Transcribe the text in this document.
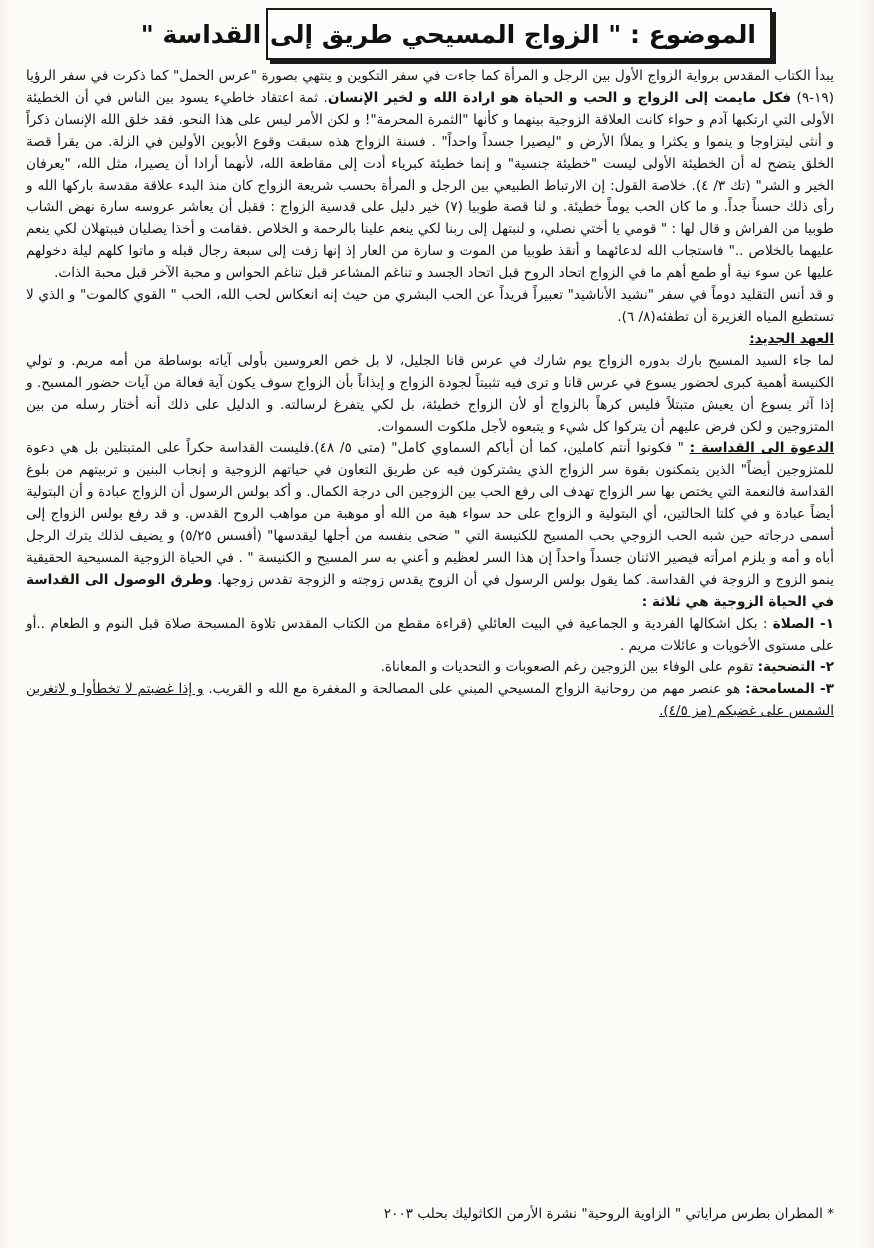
الموضوع : " الزواج المسيحي طريق إلى القداسة "

يبدأ الكتاب المقدس برواية الزواج الأول بين الرجل و المرأة كما جاءت في سفر التكوين و ينتهي بصورة "عرس الحمل" كما ذكرت في سفر الرؤيا (١٩-٩) فكل مايمت إلى الزواج و الحب و الحياة هو ارادة الله و لخير الإنسان. ثمة اعتقاد خاطيء يسود بين الناس في أن الخطيئة الأولى التي ارتكبها آدم و حواء كانت العلاقة الزوجية بينهما و كأنها "الثمرة المحرمة"! و لكن الأمر ليس على هذا النحو. فقد خلق الله الإنسان ذكراً و أنثى ليتزاوجا و ينموا و يكثرا و يملأا الأرض و "ليصيرا جسداً واحداً" . فسنة الزواج هذه سبقت وقوع الأبوين الأولين في الزلة. من يقرأ قصة الخلق يتضح له أن الخطيئة الأولى ليست "خطيئة جنسية" و إنما خطيئة كبرياء أدت إلى مقاطعة الله، لأنهما أرادا أن يصيرا، مثل الله، "يعرفان الخير و الشر" (تك ٣/ ٤). خلاصة القول: إن الارتباط الطبيعي بين الرجل و المرأة بحسب شريعة الزواج كان منذ البدء علاقة مقدسة باركها الله و رأى ذلك حسناً جداً. و ما كان الحب يوماً خطيئة. و لنا قصة طوبيا (٧) خير دليل على قدسية الزواج : فقبل أن يعاشر عروسه سارة نهض الشاب طوبيا من الفراش و قال لها : " قومي يا أختي نصلي، و لنبتهل إلى ربنا لكي ينعم علينا بالرحمة و الخلاص .فقامت و أخذا يصليان فيبتهلان لكي ينعم عليهما بالخلاص .." فاستجاب الله لدعائهما و أنقذ طوبيا من الموت و سارة من العار إذ إنها زفت إلى سبعة رجال قبله و ماتوا كلهم ليلة دخولهم عليها عن سوء نية أو طمع أهم ما في الزواج اتحاد الروح قبل اتحاد الجسد و تناغم المشاعر قبل تناغم الحواس و محبة الآخر قبل محبة الذات.

و قد أنس التقليد دوماً في سفر "نشيد الأناشيد" تعبيراً فريداً عن الحب البشري من حيث إنه انعكاس لحب الله، الحب " القوي كالموت" و الذي لا تستطيع المياه الغزيرة أن تطفئه(٨/ ٦).

العهد الجديد:

لما جاء السيد المسيح بارك بدوره الزواج يوم شارك في عرس قانا الجليل، لا بل خص العروسين بأولى آياته بوساطة من أمه مريم. و تولي الكنيسة أهمية كبرى لحضور يسوع في عرس قانا و ترى فيه تثبيتاً لجودة الزواج و إيذاناً بأن الزواج سوف يكون آية فعالة من آيات حضور المسيح. و إذا آثر يسوع أن يعيش متبتلاً فليس كرهاً بالزواج أو لأن الزواج خطيئة، بل لكي يتفرغ لرسالته. و الدليل على ذلك أنه أختار رسله من بين المتزوجين و لكن فرض عليهم أن يتركوا كل شيء و يتبعوه لأجل ملكوت السموات.

الدعوة الى القداسة : " فكونوا أنتم كاملين، كما أن أباكم السماوي كامل" (متى ٥/ ٤٨).فليست القداسة حكراً على المتبتلين بل هي دعوة للمتزوجين أيضاً" الذين يتمكنون بقوة سر الزواج الذي يشتركون فيه عن طريق التعاون في حياتهم الزوجية و إنجاب البنين و تربيتهم من بلوغ القداسة فالنعمة التي يختص بها سر الزواج تهدف الى رفع الحب بين الزوجين الى درجة الكمال. و أكد بولس الرسول أن الزواج عبادة و أن البتولية أيضاً عبادة و في كلتا الحالتين، أي البتولية و الزواج على حد سواء هبة من الله أو موهبة من مواهب الروح القدس. و قد رفع بولس الزواج إلى أسمى درجاته حين شبه الحب الزوجي بحب المسيح للكنيسة التي " ضحى بنفسه من أجلها ليقدسها" (أفسس ٥/٢٥) و يضيف لذلك يترك الرجل أباه و أمه و يلزم امرأته فيصير الاثنان جسداً واحداً إن هذا السر لعظيم و أعني به سر المسيح و الكنيسة " . في الحياة الزوجية المسيحية الحقيقية ينمو الزوج و الزوجة في القداسة. كما يقول بولس الرسول في أن الزوج يقدس زوجته و الزوجة تقدس زوجها. وطرق الوصول الى القداسة في الحياة الزوجية هي ثلاثة :

١- الصلاة : بكل اشكالها الفردية و الجماعية في البيت العائلي (قراءة مقطع من الكتاب المقدس تلاوة المسبحة صلاة قبل النوم و الطعام ..أو على مستوى الأخويات و عائلات مريم .

٢- التضحية: تقوم على الوفاء بين الزوجين رغم الصعوبات و التحديات و المعاناة.

٣- المسامحة: هو عنصر مهم من روحانية الزواج المسيحي المبني على المصالحة و المغفرة مع الله و القريب. و إذا غضبتم لا تخطأوا و لاتغربن الشمس على غضبكم (مز ٤/٥).

* المطران بطرس مراياتي " الزاوية الروحية" نشرة الأرمن الكاثوليك بحلب ٢٠٠٣
